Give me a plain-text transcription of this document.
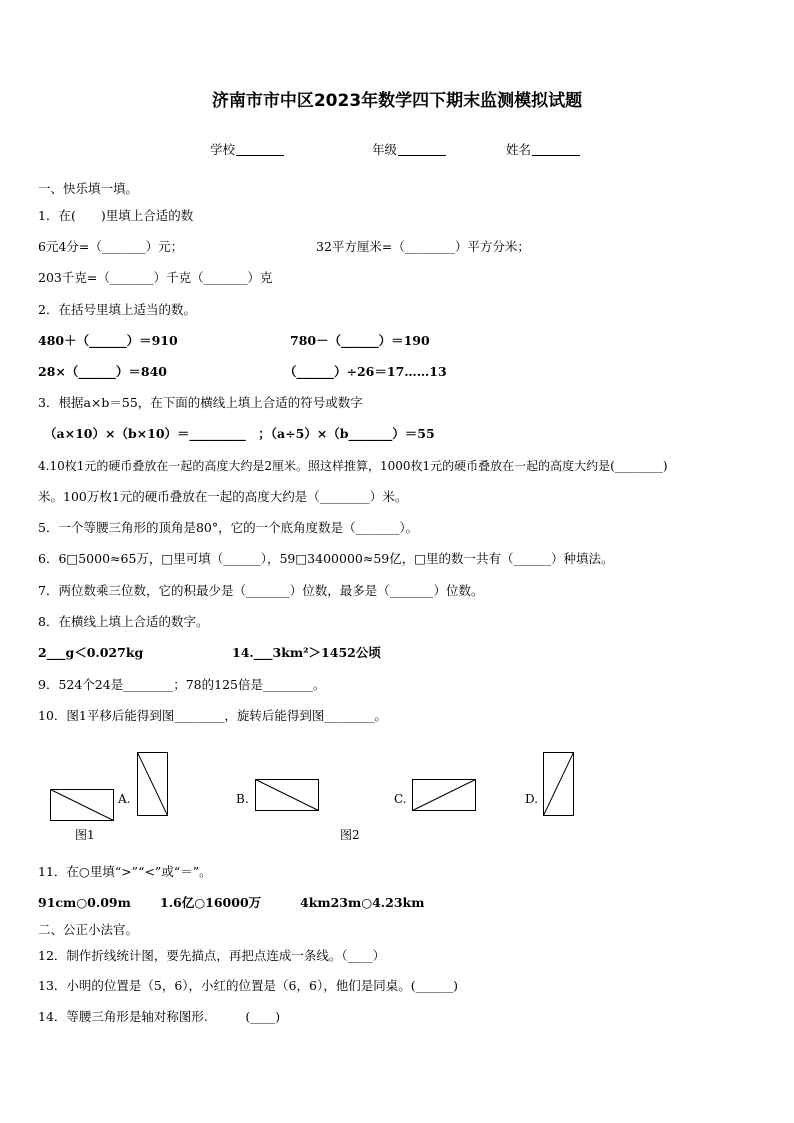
济南市市中区2023年数学四下期末监测模拟试题
学校	年级	姓名
一、快乐填一填。
1．在(　　)里填上合适的数
6元4分=（_______）元；	32平方厘米=（________）平方分米；
203千克=（_______）千克（_______）克
2．在括号里填上适当的数。
480＋（______）＝910	780－（______）＝190
28×（______）＝840	（______）÷26＝17……13
3．根据a×b＝55，在下面的横线上填上合适的符号或数字
（a×10）×（b×10）＝_________　；（a÷5）×（b_______）＝55
4.10枚1元的硬币叠放在一起的高度大约是2厘米。照这样推算，1000枚1元的硬币叠放在一起的高度大约是(________)
米。100万枚1元的硬币叠放在一起的高度大约是（________）米。
5．一个等腰三角形的顶角是80°，它的一个底角度数是（_______）。
6．6□5000≈65万，□里可填（______），59□3400000≈59亿，□里的数一共有（______）种填法。
7．两位数乘三位数，它的积最少是（_______）位数，最多是（_______）位数。
8．在横线上填上合适的数字。
2___g＜0.027kg	14.___3km²＞1452公顷
9．524个24是________；78的125倍是________。
10．图1平移后能得到图________，旋转后能得到图________。
A.	B.	C.	D.
图1	图2
11．在○里填“>”“<”或“＝”。
91cm○0.09m 1.6亿○16000万	4km23m○4.23km
二、公正小法官。
12．制作折线统计图，要先描点，再把点连成一条线。（____）
13．小明的位置是（5，6），小红的位置是（6，6），他们是同桌。(______)
14．等腰三角形是轴对称图形.　　　(____)
